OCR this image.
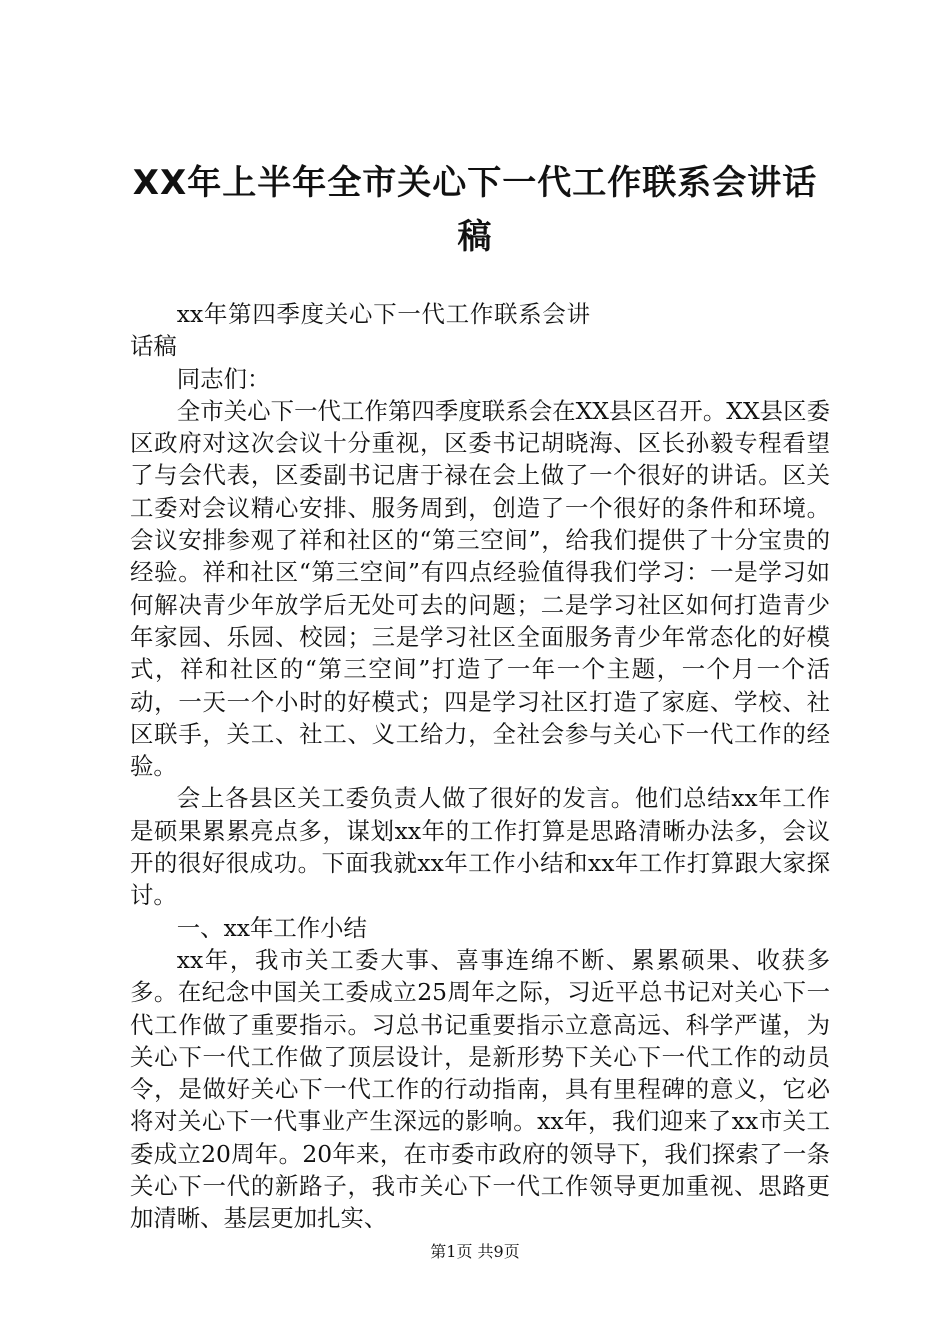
XX年上半年全市关心下一代工作联系会讲话稿

xx年第四季度关心下一代工作联系会讲话稿

同志们：

全市关心下一代工作第四季度联系会在XX县区召开。XX县区委区政府对这次会议十分重视，区委书记胡晓海、区长孙毅专程看望了与会代表，区委副书记唐于禄在会上做了一个很好的讲话。区关工委对会议精心安排、服务周到，创造了一个很好的条件和环境。会议安排参观了祥和社区的“第三空间”，给我们提供了十分宝贵的经验。祥和社区“第三空间”有四点经验值得我们学习：一是学习如何解决青少年放学后无处可去的问题；二是学习社区如何打造青少年家园、乐园、校园；三是学习社区全面服务青少年常态化的好模式，祥和社区的“第三空间”打造了一年一个主题，一个月一个活动，一天一个小时的好模式；四是学习社区打造了家庭、学校、社区联手，关工、社工、义工给力，全社会参与关心下一代工作的经验。

会上各县区关工委负责人做了很好的发言。他们总结xx年工作是硕果累累亮点多，谋划xx年的工作打算是思路清晰办法多，会议开的很好很成功。下面我就xx年工作小结和xx年工作打算跟大家探讨。

一、xx年工作小结

xx年，我市关工委大事、喜事连绵不断、累累硕果、收获多多。在纪念中国关工委成立25周年之际，习近平总书记对关心下一代工作做了重要指示。习总书记重要指示立意高远、科学严谨，为关心下一代工作做了顶层设计，是新形势下关心下一代工作的动员令，是做好关心下一代工作的行动指南，具有里程碑的意义，它必将对关心下一代事业产生深远的影响。xx年，我们迎来了xx市关工委成立20周年。20年来，在市委市政府的领导下，我们探索了一条关心下一代的新路子，我市关心下一代工作领导更加重视、思路更加清晰、基层更加扎实、

第1页 共9页
